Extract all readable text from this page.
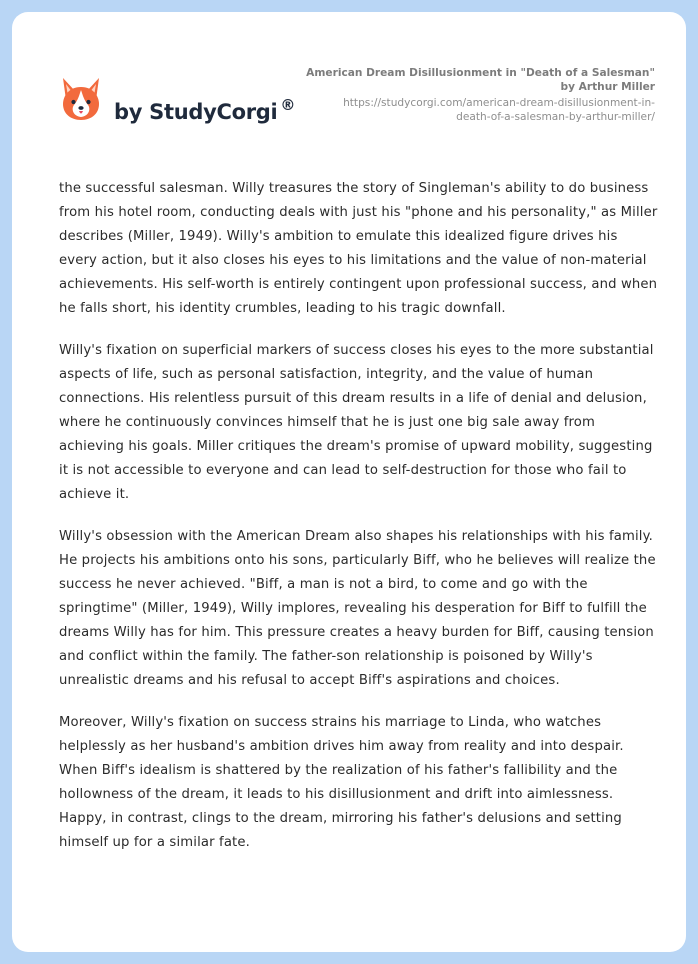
by StudyCorgi ®
American Dream Disillusionment in "Death of a Salesman"
by Arthur Miller
https://studycorgi.com/american-dream-disillusionment-in-
death-of-a-salesman-by-arthur-miller/

the successful salesman. Willy treasures the story of Singleman's ability to do business from his hotel room, conducting deals with just his "phone and his personality," as Miller describes (Miller, 1949). Willy's ambition to emulate this idealized figure drives his every action, but it also closes his eyes to his limitations and the value of non-material achievements. His self-worth is entirely contingent upon professional success, and when he falls short, his identity crumbles, leading to his tragic downfall.

Willy's fixation on superficial markers of success closes his eyes to the more substantial aspects of life, such as personal satisfaction, integrity, and the value of human connections. His relentless pursuit of this dream results in a life of denial and delusion, where he continuously convinces himself that he is just one big sale away from achieving his goals. Miller critiques the dream's promise of upward mobility, suggesting it is not accessible to everyone and can lead to self-destruction for those who fail to achieve it.

Willy's obsession with the American Dream also shapes his relationships with his family. He projects his ambitions onto his sons, particularly Biff, who he believes will realize the success he never achieved. "Biff, a man is not a bird, to come and go with the springtime" (Miller, 1949), Willy implores, revealing his desperation for Biff to fulfill the dreams Willy has for him. This pressure creates a heavy burden for Biff, causing tension and conflict within the family. The father-son relationship is poisoned by Willy's unrealistic dreams and his refusal to accept Biff's aspirations and choices.

Moreover, Willy's fixation on success strains his marriage to Linda, who watches helplessly as her husband's ambition drives him away from reality and into despair. When Biff's idealism is shattered by the realization of his father's fallibility and the hollowness of the dream, it leads to his disillusionment and drift into aimlessness. Happy, in contrast, clings to the dream, mirroring his father's delusions and setting himself up for a similar fate.
